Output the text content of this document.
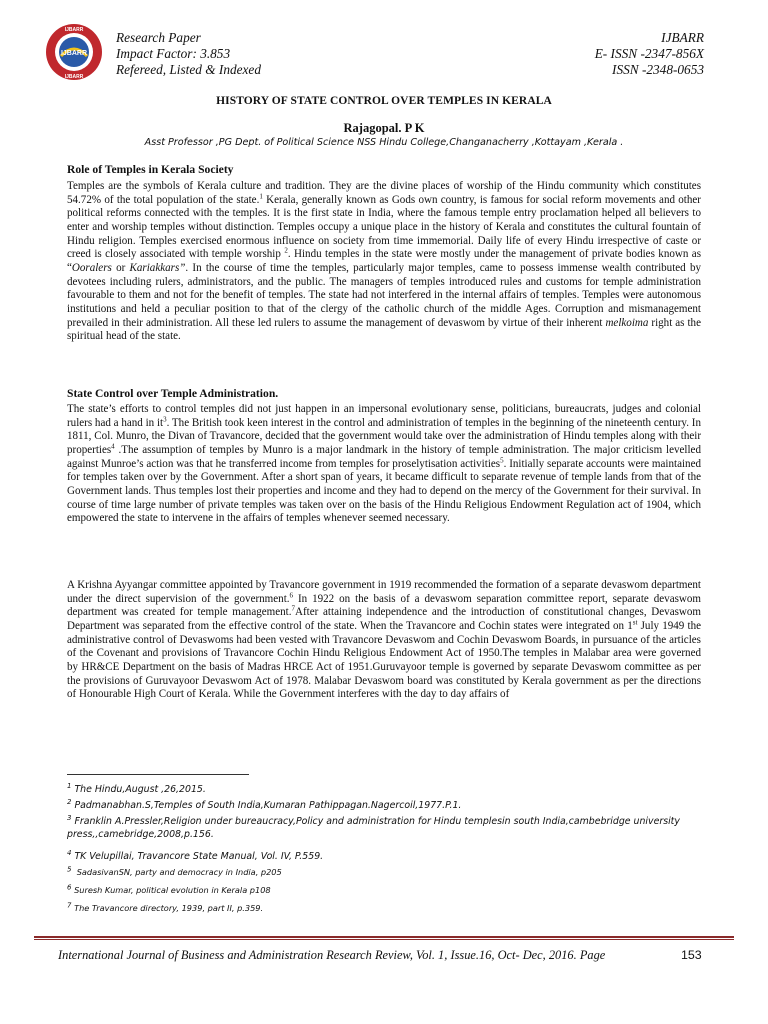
IJBARR
IJBARR
IJBARR
Research Paper
Impact Factor: 3.853
Refereed, Listed & Indexed
IJBARR
E- ISSN -2347-856X
ISSN -2348-0653
HISTORY OF STATE CONTROL OVER TEMPLES IN KERALA
Rajagopal. P K
Asst Professor ,PG Dept. of Political Science NSS Hindu College,Changanacherry ,Kottayam ,Kerala .
Role of Temples in Kerala Society
Temples are the symbols of Kerala culture and tradition. They are the divine places of worship of the Hindu community which constitutes 54.72% of the total population of the state.$^1$ Kerala, generally known as Gods own country, is famous for social reform movements and other political reforms connected with the temples. It is the first state in India, where the famous temple entry proclamation helped all believers to enter and worship temples without distinction. Temples occupy a unique place in the history of Kerala and constitutes the cultural fountain of Hindu religion. Temples exercised enormous influence on society from time immemorial. Daily life of every Hindu irrespective of caste or creed is closely associated with temple worship $^2$. Hindu temples in the state were mostly under the management of private bodies known as “Ooralers or Kariakkars”. In the course of time the temples, particularly major temples, came to possess immense wealth contributed by devotees including rulers, administrators, and the public. The managers of temples introduced rules and customs for temple administration favourable to them and not for the benefit of temples. The state had not interfered in the internal affairs of temples. Temples were autonomous institutions and held a peculiar position to that of the clergy of the catholic church of the middle Ages. Corruption and mismanagement prevailed in their administration. All these led rulers to assume the management of devaswom by virtue of their inherent melkoima right as the spiritual head of the state.
State Control over Temple Administration.
The state’s efforts to control temples did not just happen in an impersonal evolutionary sense, politicians, bureaucrats, judges and colonial rulers had a hand in $it^3$. The British took keen interest in the control and administration of temples in the beginning of the nineteenth century. In 1811, Col. Munro, the Divan of Travancore, decided that the government would take over the administration of Hindu temples along with their properties$^4$ .The assumption of temples by Munro is a major landmark in the history of temple administration. The major criticism levelled against Munroe’s action was that he transferred income from temples for proselytisation activities$^5$. Initially separate accounts were maintained for temples taken over by the Government. After a short span of years, it became difficult to separate revenue of temple lands from that of the Government lands. Thus temples lost their properties and income and they had to depend on the mercy of the Government for their survival. In course of time large number of private temples was taken over on the basis of the Hindu Religious Endowment Regulation act of 1904, which empowered the state to intervene in the affairs of temples whenever seemed necessary.
A Krishna Ayyangar committee appointed by Travancore government in 1919 recommended the formation of a separate devaswom department under the direct supervision of the government.$^6$ In 1922 on the basis of a devaswom separation committee report, separate devaswom department was created for temple management.$^7$After attaining independence and the introduction of constitutional changes, Devaswom Department was separated from the effective control of the state. When the Travancore and Cochin states were integrated on 1st July 1949 the administrative control of Devaswoms had been vested with Travancore Devaswom and Cochin Devaswom Boards, in pursuance of the articles of the Covenant and provisions of Travancore Cochin Hindu Religious Endowment Act of 1950.The temples in Malabar area were governed by HR&CE Department on the basis of Madras HRCE Act of 1951.Guruvayoor temple is governed by separate Devaswom committee as per the provisions of Guruvayoor Devaswom Act of 1978. Malabar Devaswom board was constituted by Kerala government as per the directions of Honourable High Court of Kerala. While the Government interferes with the day to day affairs of
$^1$ The Hindu,August ,26,2015.
$^2$ Padmanabhan.S,Temples of South India,Kumaran Pathippagan.Nagercoil,1977.P.1.
$^3$ Franklin A.Pressler,Religion under bureaucracy,Policy and administration for Hindu templesin south India,cambebridge university press,,camebridge,2008,p.156.
$^4$ TK Velupillai, Travancore State Manual, Vol. IV, P.559.
$^5$ SadasivanSN, party and democracy in India, p205
$^6$ Suresh Kumar, political evolution in Kerala p108
$^7$ The Travancore directory, 1939, part II, p.359.
International Journal of Business and Administration Research Review, Vol. 1, Issue.16, Oct- Dec, 2016. Page	153
